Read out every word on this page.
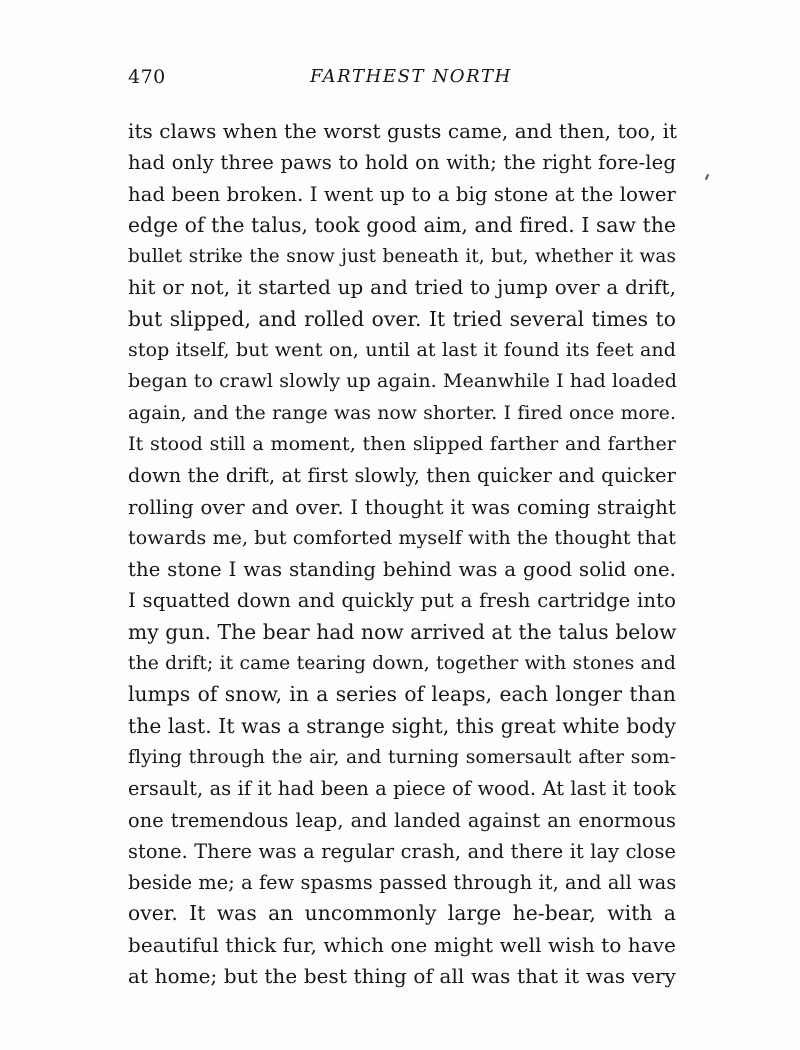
470	FARTHEST NORTH
its claws when the worst gusts came, and then, too, it
had only three paws to hold on with; the right fore-leg
had been broken. I went up to a big stone at the lower
edge of the talus, took good aim, and fired. I saw the
bullet strike the snow just beneath it, but, whether it was
hit or not, it started up and tried to jump over a drift,
but slipped, and rolled over. It tried several times to
stop itself, but went on, until at last it found its feet and
began to crawl slowly up again. Meanwhile I had loaded
again, and the range was now shorter. I fired once more.
It stood still a moment, then slipped farther and farther
down the drift, at first slowly, then quicker and quicker
rolling over and over. I thought it was coming straight
towards me, but comforted myself with the thought that
the stone I was standing behind was a good solid one.
I squatted down and quickly put a fresh cartridge into
my gun. The bear had now arrived at the talus below
the drift; it came tearing down, together with stones and
lumps of snow, in a series of leaps, each longer than
the last. It was a strange sight, this great white body
flying through the air, and turning somersault after som-
ersault, as if it had been a piece of wood. At last it took
one tremendous leap, and landed against an enormous
stone. There was a regular crash, and there it lay close
beside me; a few spasms passed through it, and all was
over. It was an uncommonly large he-bear, with a
beautiful thick fur, which one might well wish to have
at home; but the best thing of all was that it was very
